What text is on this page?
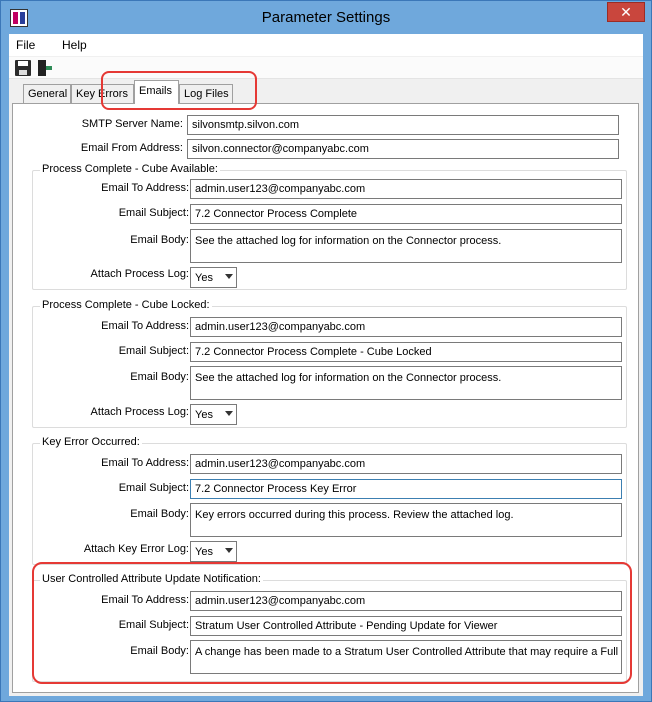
Parameter Settings	✕
File Help
General Key Errors	Emails	Log Files
SMTP Server Name: silvonsmtp.silvon.com
Email From Address: silvon.connector@companyabc.com
Process Complete - Cube Available:
Email To Address: admin.user123@companyabc.com
Email Subject: 7.2 Connector Process Complete
Email Body: See the attached log for information on the Connector process.
Attach Process Log: Yes
Process Complete - Cube Locked:
Email To Address: admin.user123@companyabc.com
Email Subject: 7.2 Connector Process Complete - Cube Locked
Email Body: See the attached log for information on the Connector process.
Attach Process Log: Yes
Key Error Occurred:
Email To Address: admin.user123@companyabc.com
Email Subject: 7.2 Connector Process Key Error
Email Body: Key errors occurred during this process. Review the attached log.
Attach Key Error Log: Yes
User Controlled Attribute Update Notification:
Email To Address: admin.user123@companyabc.com
Email Subject: Stratum User Controlled Attribute - Pending Update for Viewer
Email Body: A change has been made to a Stratum User Controlled Attribute that may require a Full
